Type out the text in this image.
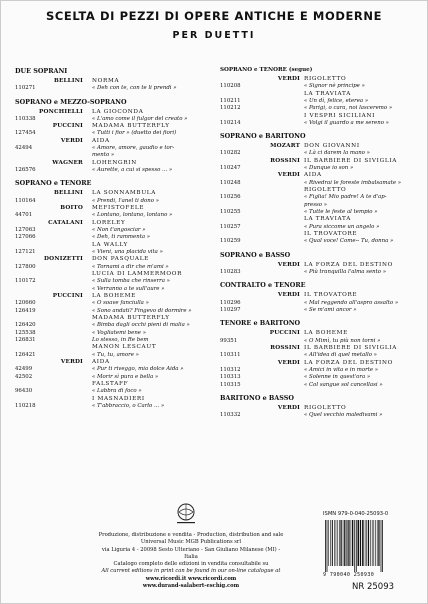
SCELTA DI PEZZI DI OPERE ANTICHE E MODERNE
PER DUETTI
DUE SOPRANI
BELLINI NORMA
110271	« Deh con te, con te li prendi »
SOPRANO e MEZZO-SOPRANO
PONCHIELLI LA GIOCONDA
110338	« L'amo come il fulgor del creato »
PUCCINI MADAMA BUTTERFLY
127454	« Tutti i fior » (duetto dei fiori)
VERDI AIDA
42494	« Amore, amore, gaudio e tor-
mento »
WAGNER LOHENGRIN
126576	« Aurette, a cui si spesso ... »
SOPRANO e TENORE
BELLINI LA SONNAMBULA
110164	« Prendi, l'anel ti dono »
BOITO MEFISTOFELE
44701	« Lontano, lontano, lontano »
CATALANI LORELEY
127063	« Non t'angosciar »
127066	« Deh, ti rammenta »
LA WALLY
127121	« Vieni, una placida vita »
DONIZETTI DON PASQUALE
127800	« Tornami a dir che m'ami »
LUCIA DI LAMMERMOOR
110172	« Sulla tomba che rinserra »
« Verranno a te sull'aure »
PUCCINI LA BOHEME
120660	« O soave fanciulla »
126419	« Sono andati? Fingevo di dormire »
MADAMA BUTTERFLY
126420	« Bimba dagli occhi pieni di malia »
125538	« Vogliatemi bene »
126831	Lo stesso, in Re bem
MANON LESCAUT
126421	« Tu, tu, amore »
VERDI AIDA
42499	« Pur ti riveggo, mia dolce Aida »
42502	« Morir sì pura e bella »
FALSTAFF
96430	« Labbra di foco »
I MASNADIERI
110218	« T'abbraccio, o Carlo ... »
SOPRANO e TENORE (segue)
VERDI RIGOLETTO
110208	« Signor nè principe »
LA TRAVIATA
110211	« Un dì, felice, eterea »
110212	« Parigi, o cara, noi lasceremo »
I VESPRI SICILIANI
110214	« Volgi il guardo a me sereno »
SOPRANO e BARITONO
MOZART DON GIOVANNI
110282	« Là ci darem la mano »
ROSSINI IL BARBIERE DI SIVIGLIA
110247	« Dunque io son »
VERDI AIDA
110248	« Rivedrai le foreste imbalsamate »
RIGOLETTO
110256	« Figlia! Mio padre! A te d'ap-
presso »
110255	« Tutte le feste al tempio »
LA TRAVIATA
110257	« Pura siccome un angelo »
IL TROVATORE
110259	« Qual voce! Come-- Tu, donna »
SOPRANO e BASSO
VERDI LA FORZA DEL DESTINO
110283	« Più tranquilla l'alma sento »
CONTRALTO e TENORE
VERDI IL TROVATORE
110296	« Mal reggendo all'aspro assalto »
110297	« Se m'ami ancor »
TENORE e BARITONO
PUCCINI LA BOHEME
99351	« O Mimì, tu più non torni »
ROSSINI IL BARBIERE DI SIVIGLIA
110311	« All'idea di quel metallo »
VERDI LA FORZA DEL DESTINO
110312	« Amici in vita e in morte »
110313	« Solenne in quest'ora »
110315	« Col sangue sol cancellasi »
BARITONO e BASSO
VERDI RIGOLETTO
110332	« Quel vecchio maledivami »
Produzione, distribuzione e vendita - Production, distribution and sale
Universal Music MGB Publications srl
via Liguria 4 - 20098 Sesto Ulteriano - San Giuliano Milanese (MI) - Italia
Catalogo completo delle edizioni in vendita consultabile su
All current editions in print can be found in our on-line catalogue at
www.ricordi.it www.ricordi.com
www.durand-salabert-eschig.com
ISMN 979-0-040-25093-0
9 790040 250930
NR 25093
